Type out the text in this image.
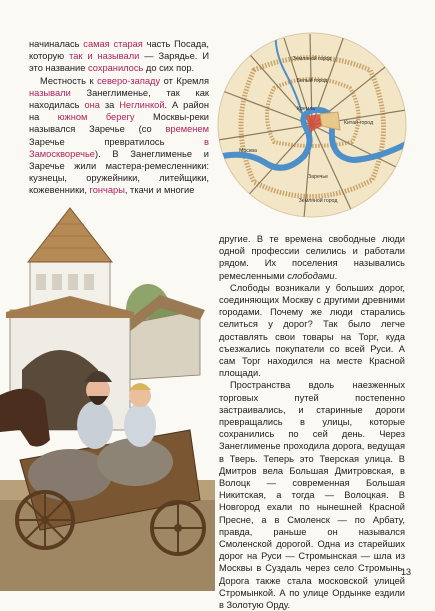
начиналась самая старая часть Посада, которую так и называли — Зарядье. И это название сохранилось до сих пор.

Местность к северо-западу от Кремля называли Занеглименье, так как находилась она за Неглинкой. А район на южном берегу Москвы-реки назывался Заречье (со временем Заречье превратилось в Замоскворечье). В Занеглименье и Заречье жили мастера-ремесленники: кузнецы, оружейники, литейщики, кожевенники, гончары, ткачи и многие

Земляной город
Белый город
Кремль
Китай-город
Заречье
Земляной город
Москва

другие. В те времена свободные люди одной профессии селились и работали рядом. Их поселения назывались ремесленными слободами.

Слободы возникали у больших дорог, соединяющих Москву с другими древними городами. Почему же люди старались селиться у дорог? Так было легче доставлять свои товары на Торг, куда съезжались покупатели со всей Руси. А сам Торг находился на месте Красной площади.

Пространства вдоль наезженных торговых путей постепенно застраивались, и старинные дороги превращались в улицы, которые сохранились по сей день. Через Занеглименье проходила дорога, ведущая в Тверь. Теперь это Тверская улица. В Дмитров вела Большая Дмитровская, в Волоцк — современная Большая Никитская, а тогда — Волоцкая. В Новгород ехали по нынешней Красной Пресне, а в Смоленск — по Арбату, правда, раньше он назывался Смоленской дорогой. Одна из старейших дорог на Руси — Стромынская — шла из Москвы в Суздаль через село Стромынь. Дорога также стала московской улицей Стромынкой. А по улице Ордынке ездили в Золотую Орду.

13
